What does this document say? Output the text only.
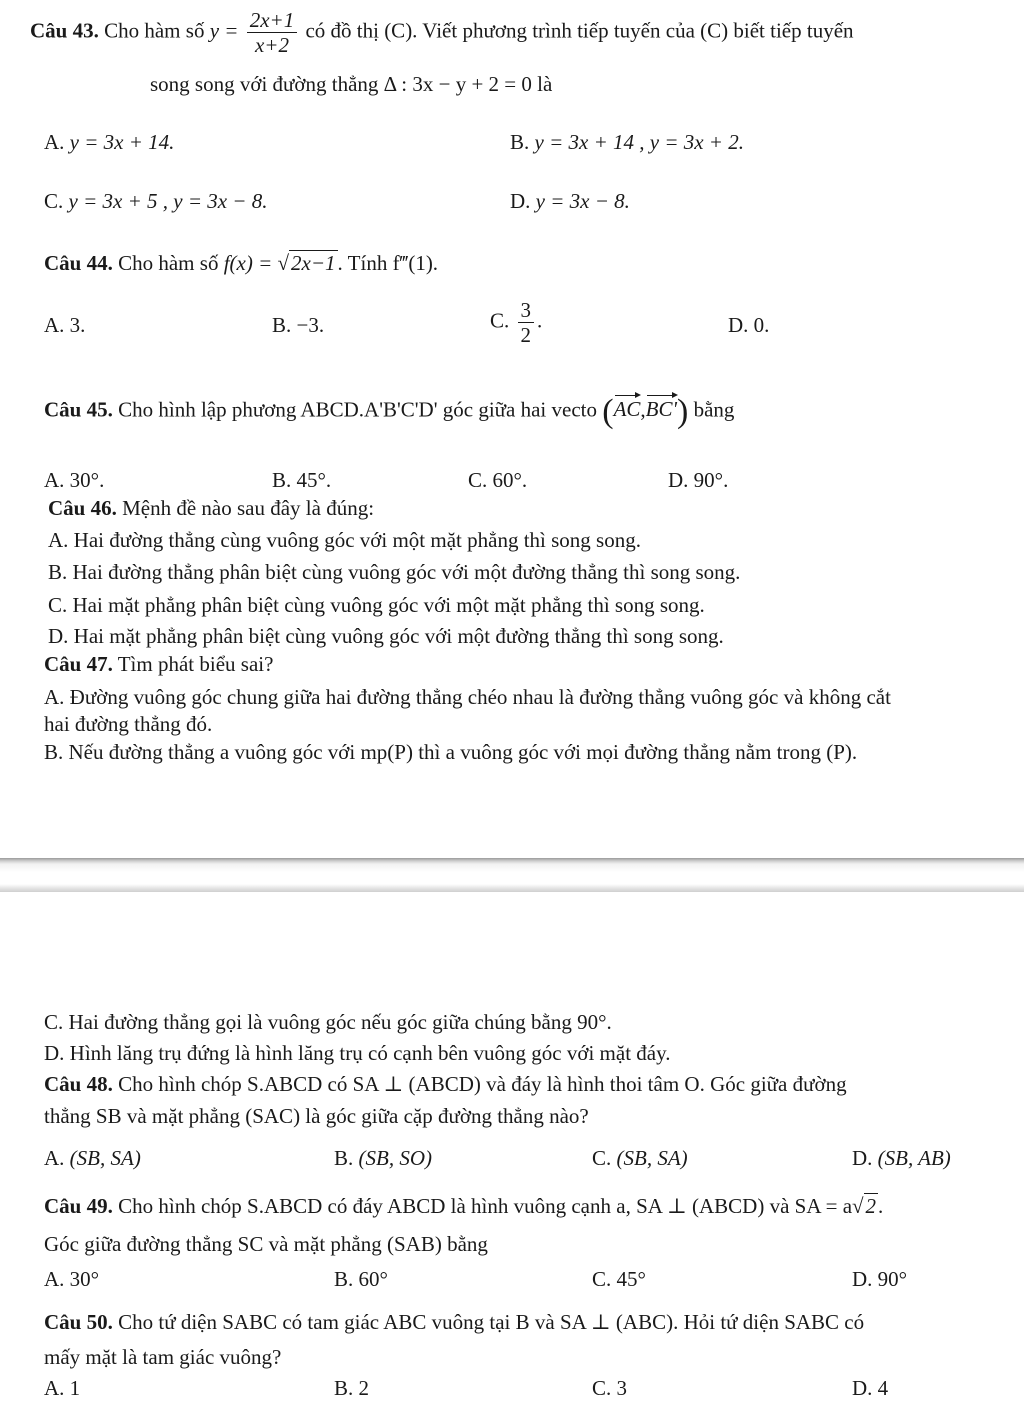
Câu 43. Cho hàm số $y = \frac{2x+1}{x+2}$ có đồ thị (C). Viết phương trình tiếp tuyến của (C) biết tiếp tuyến
song song với đường thẳng Δ : 3x − y + 2 = 0 là
A. y = 3x + 14.	B. y = 3x + 14 , y = 3x + 2.
C. y = 3x + 5 , y = 3x − 8.	D. y = 3x − 8.
Câu 44. Cho hàm số f(x) = √2x−1. Tính f‴(1).
A. 3.	B. −3.	C. $\frac{3}{2}$ .	D. 0.
Câu 45. Cho hình lập phương ABCD.A'B'C'D' góc giữa hai vecto (AC,BC') bằng
A. 30°.	B. 45°.	C. 60°.	D. 90°.
Câu 46. Mệnh đề nào sau đây là đúng:
A. Hai đường thẳng cùng vuông góc với một mặt phẳng thì song song.
B. Hai đường thẳng phân biệt cùng vuông góc với một đường thẳng thì song song.
C. Hai mặt phẳng phân biệt cùng vuông góc với một mặt phẳng thì song song.
D. Hai mặt phẳng phân biệt cùng vuông góc với một đường thẳng thì song song.
Câu 47. Tìm phát biểu sai?
A. Đường vuông góc chung giữa hai đường thẳng chéo nhau là đường thẳng vuông góc và không cắt
hai đường thẳng đó.
B. Nếu đường thẳng a vuông góc với mp(P) thì a vuông góc với mọi đường thẳng nằm trong (P).
C. Hai đường thẳng gọi là vuông góc nếu góc giữa chúng bằng 90°.
D. Hình lăng trụ đứng là hình lăng trụ có cạnh bên vuông góc với mặt đáy.
Câu 48. Cho hình chóp S.ABCD có SA ⊥ (ABCD) và đáy là hình thoi tâm O. Góc giữa đường
thẳng SB và mặt phẳng (SAC) là góc giữa cặp đường thẳng nào?
A. (SB, SA)	B. (SB, SO)	C. (SB, SA)	D. (SB, AB)
Câu 49. Cho hình chóp S.ABCD có đáy ABCD là hình vuông cạnh a, SA ⊥ (ABCD) và SA = a√2.
Góc giữa đường thẳng SC và mặt phẳng (SAB) bằng
A. 30°	B. 60°	C. 45°	D. 90°
Câu 50. Cho tứ diện SABC có tam giác ABC vuông tại B và SA ⊥ (ABC). Hỏi tứ diện SABC có
mấy mặt là tam giác vuông?
A. 1	B. 2	C. 3	D. 4
